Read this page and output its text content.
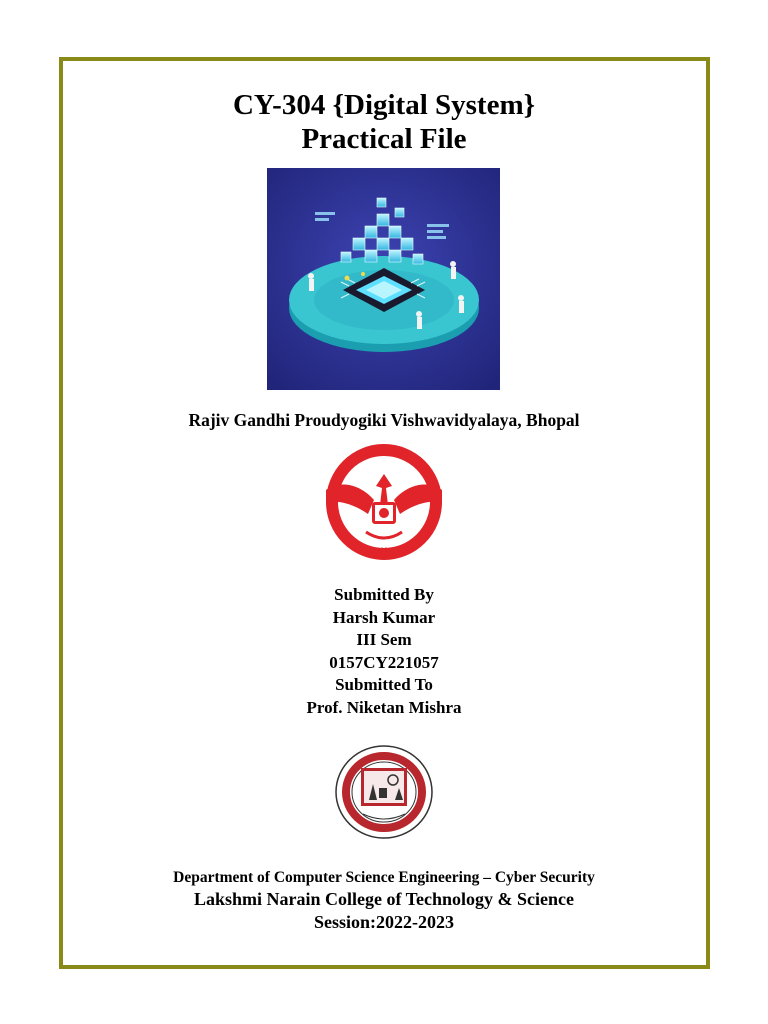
CY-304 {Digital System}
Practical File
Rajiv Gandhi Proudyogiki Vishwavidyalaya, Bhopal
1998
Submitted By
Harsh Kumar
III Sem
0157CY221057
Submitted To
Prof. Niketan Mishra
Department of Computer Science Engineering – Cyber Security
Lakshmi Narain College of Technology & Science
Session:2022-2023
